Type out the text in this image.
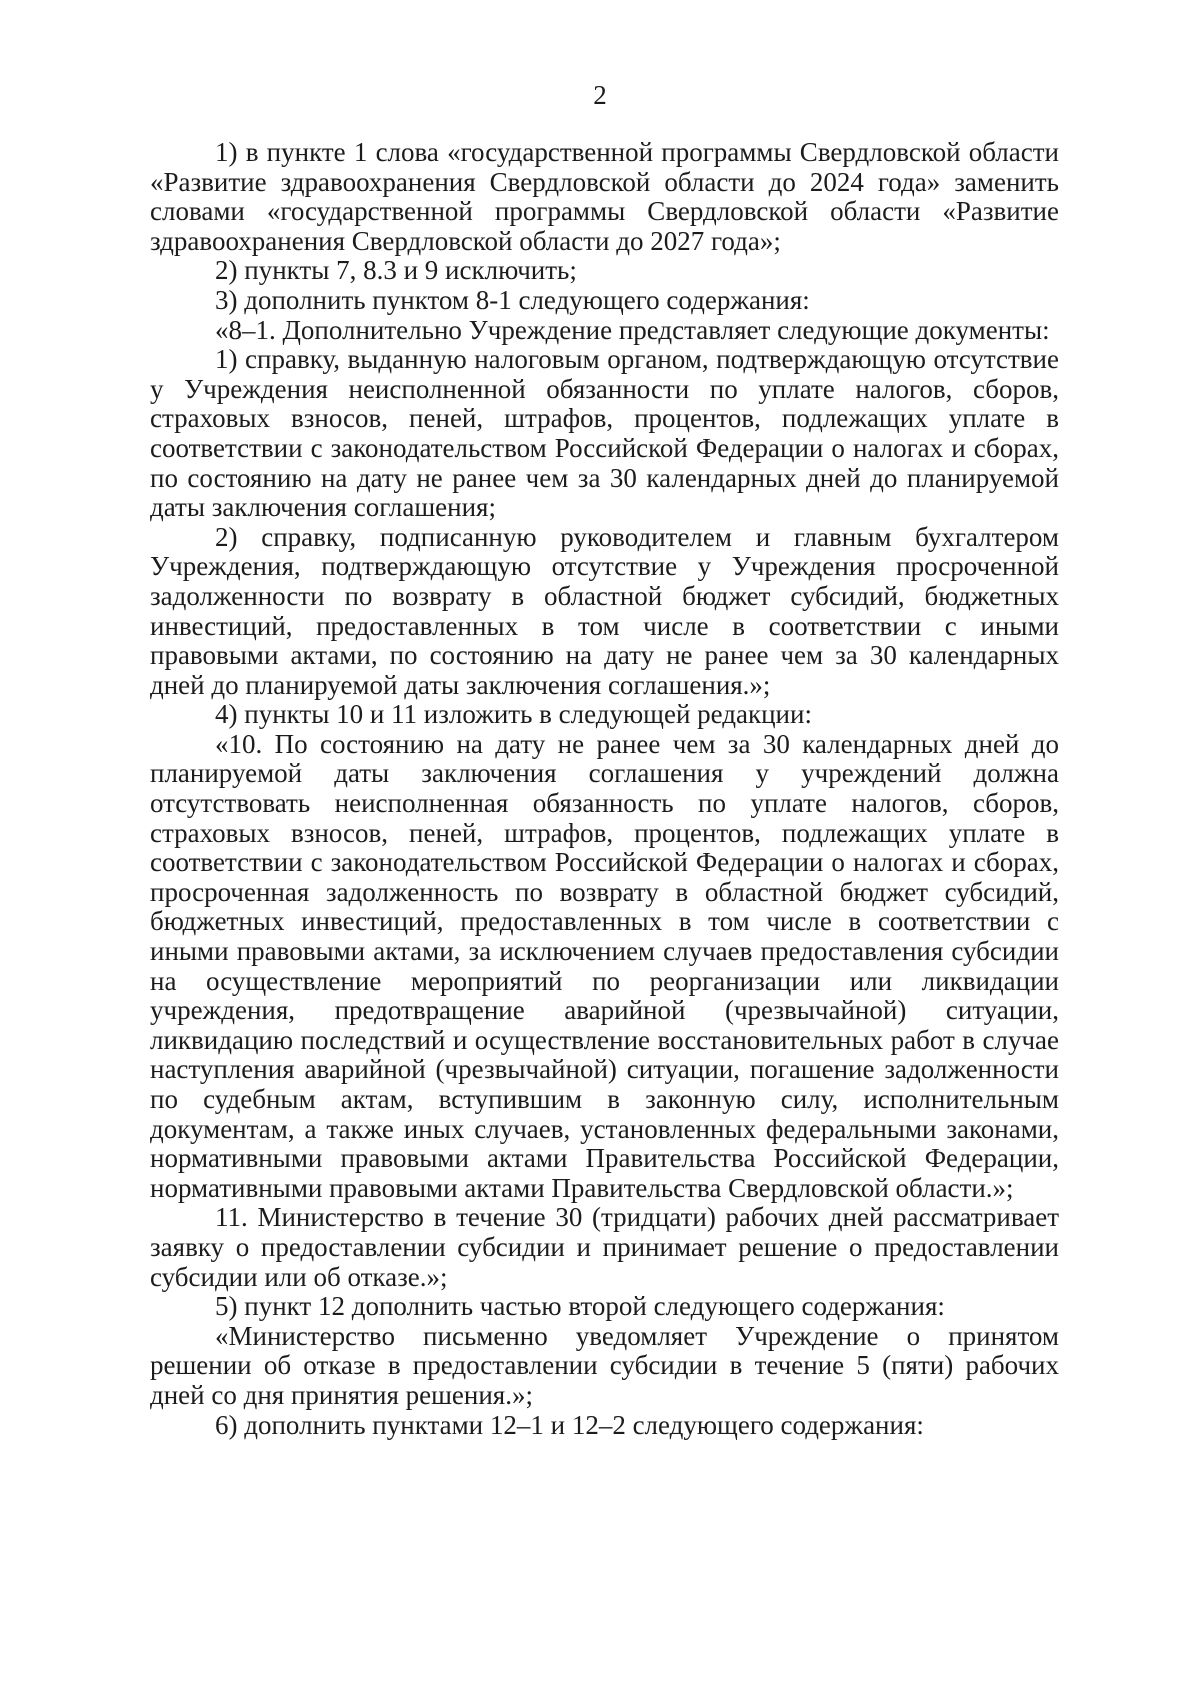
2

1) в пункте 1 слова «государственной программы Свердловской области «Развитие здравоохранения Свердловской области до 2024 года» заменить словами «государственной программы Свердловской области «Развитие здравоохранения Свердловской области до 2027 года»;

2) пункты 7, 8.3 и 9 исключить;

3) дополнить пунктом 8-1 следующего содержания:

«8–1. Дополнительно Учреждение представляет следующие документы:

1) справку, выданную налоговым органом, подтверждающую отсутствие у Учреждения неисполненной обязанности по уплате налогов, сборов, страховых взносов, пеней, штрафов, процентов, подлежащих уплате в соответствии с законодательством Российской Федерации о налогах и сборах, по состоянию на дату не ранее чем за 30 календарных дней до планируемой даты заключения соглашения;

2) справку, подписанную руководителем и главным бухгалтером Учреждения, подтверждающую отсутствие у Учреждения просроченной задолженности по возврату в областной бюджет субсидий, бюджетных инвестиций, предоставленных в том числе в соответствии с иными правовыми актами, по состоянию на дату не ранее чем за 30 календарных дней до планируемой даты заключения соглашения.»;

4) пункты 10 и 11 изложить в следующей редакции:

«10. По состоянию на дату не ранее чем за 30 календарных дней до планируемой даты заключения соглашения у учреждений должна отсутствовать неисполненная обязанность по уплате налогов, сборов, страховых взносов, пеней, штрафов, процентов, подлежащих уплате в соответствии с законодательством Российской Федерации о налогах и сборах, просроченная задолженность по возврату в областной бюджет субсидий, бюджетных инвестиций, предоставленных в том числе в соответствии с иными правовыми актами, за исключением случаев предоставления субсидии на осуществление мероприятий по реорганизации или ликвидации учреждения, предотвращение аварийной (чрезвычайной) ситуации, ликвидацию последствий и осуществление восстановительных работ в случае наступления аварийной (чрезвычайной) ситуации, погашение задолженности по судебным актам, вступившим в законную силу, исполнительным документам, а также иных случаев, установленных федеральными законами, нормативными правовыми актами Правительства Российской Федерации, нормативными правовыми актами Правительства Свердловской области.»;

11. Министерство в течение 30 (тридцати) рабочих дней рассматривает заявку о предоставлении субсидии и принимает решение о предоставлении субсидии или об отказе.»;

5) пункт 12 дополнить частью второй следующего содержания:

«Министерство письменно уведомляет Учреждение о принятом решении об отказе в предоставлении субсидии в течение 5 (пяти) рабочих дней со дня принятия решения.»;

6) дополнить пунктами 12–1 и 12–2 следующего содержания:
